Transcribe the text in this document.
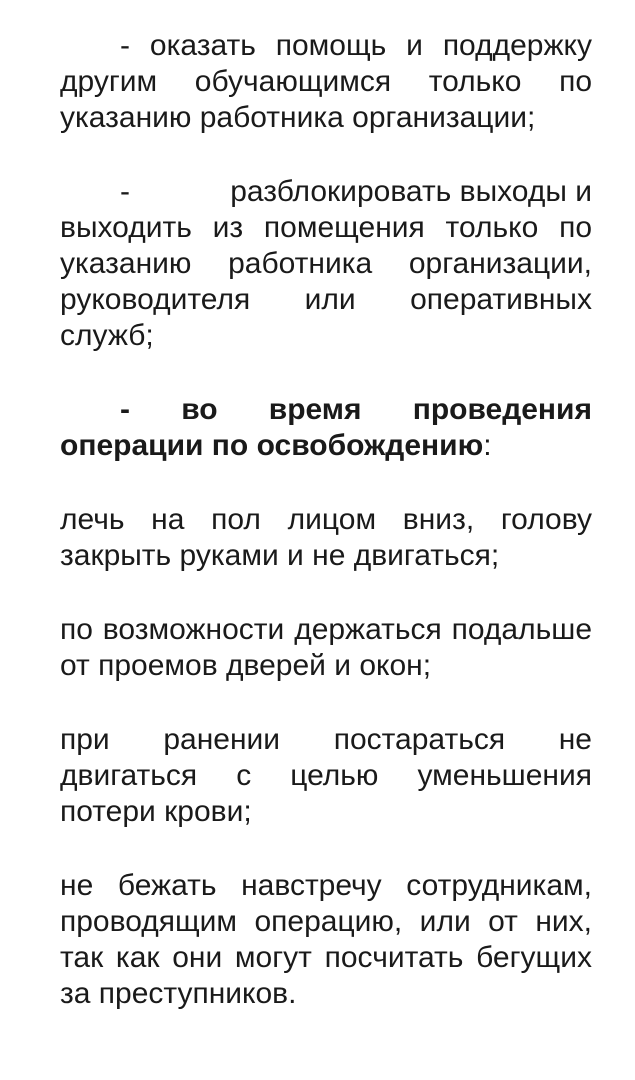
- оказать помощь и поддержку другим обучающимся только по указанию работника организации;

-	разблокировать выходы и

выходить из помещения только по указанию работника организации, руководителя или оперативных служб;

- во время проведения

операции по освобождению:

лечь на пол лицом вниз, голову закрыть руками и не двигаться;

по возможности держаться подальше от проемов дверей и окон;

при ранении постараться не двигаться с целью уменьшения потери крови;

не бежать навстречу сотрудникам, проводящим операцию, или от них, так как они могут посчитать бегущих за преступников.
